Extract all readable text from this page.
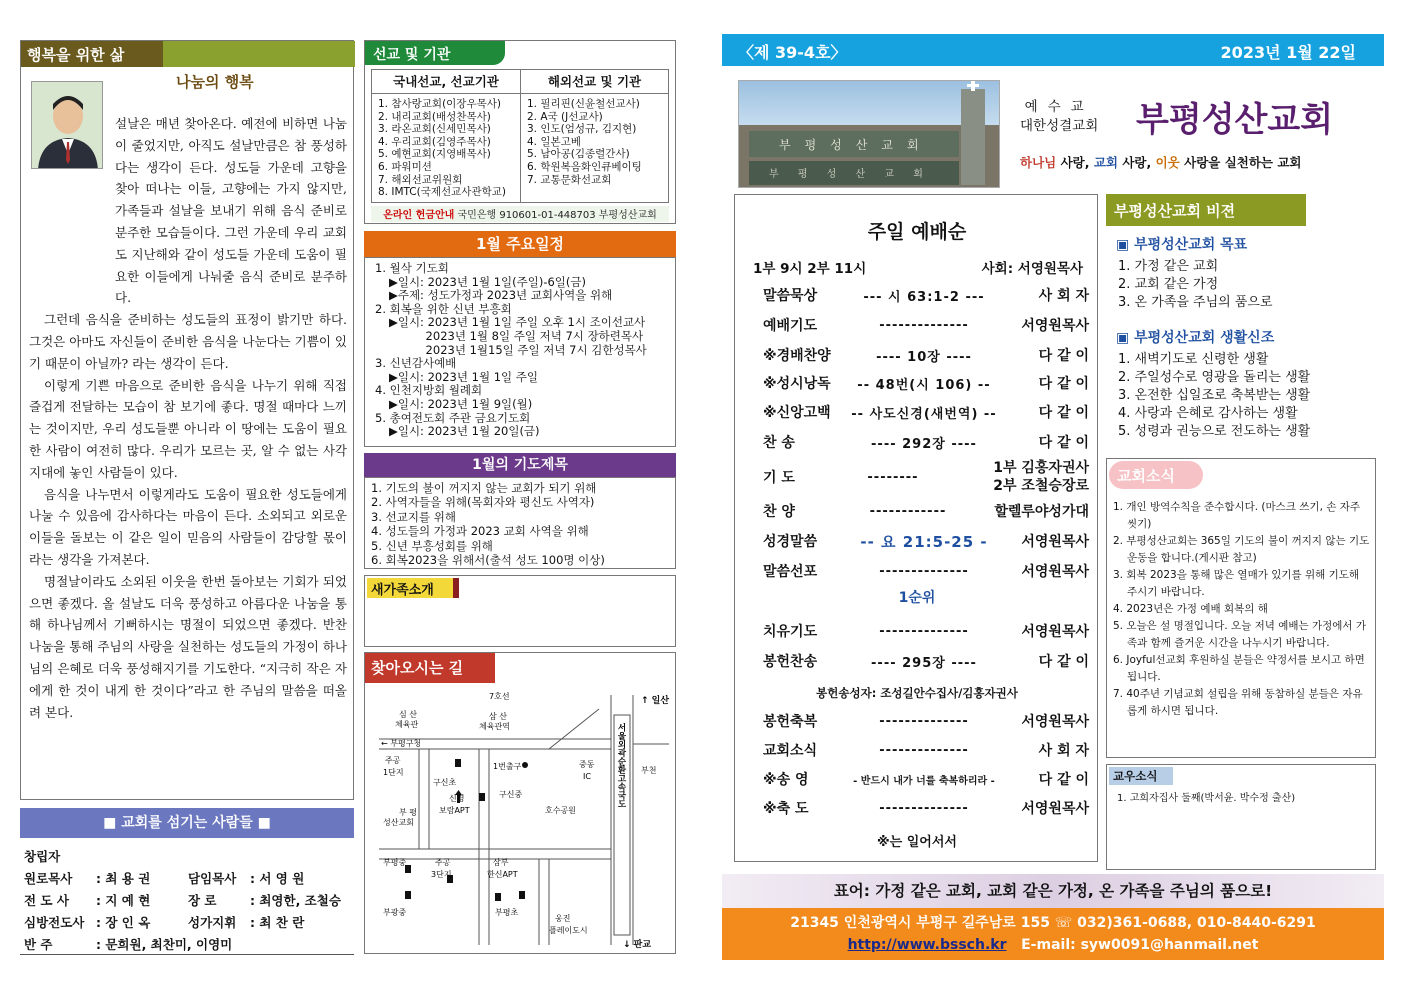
행복을 위한 삶
나눔의 행복

설날은 매년 찾아온다. 예전에 비하면 나눔이 줄었지만, 아직도 설날만큼은 참 풍성하다는 생각이 든다. 성도들 가운데 고향을 찾아 떠나는 이들, 고향에는 가지 않지만, 가족들과 설날을 보내기 위해 음식 준비로 분주한 모습들이다. 그런 가운데 우리 교회도 지난해와 같이 성도들 가운데 도움이 필요한 이들에게 나눠줄 음식 준비로 분주하다.

그런데 음식을 준비하는 성도들의 표정이 밝기만 하다. 그것은 아마도 자신들이 준비한 음식을 나눈다는 기쁨이 있기 때문이 아닐까? 라는 생각이 든다.

이렇게 기쁜 마음으로 준비한 음식을 나누기 위해 직접 즐겁게 전달하는 모습이 참 보기에 좋다. 명절 때마다 느끼는 것이지만, 우리 성도들뿐 아니라 이 땅에는 도움이 필요한 사람이 여전히 많다. 우리가 모르는 곳, 알 수 없는 사각지대에 놓인 사람들이 있다.

음식을 나누면서 이렇게라도 도움이 필요한 성도들에게 나눌 수 있음에 감사하다는 마음이 든다. 소외되고 외로운 이들을 돌보는 이 같은 일이 믿음의 사람들이 감당할 몫이라는 생각을 가져본다.

명절날이라도 소외된 이웃을 한번 돌아보는 기회가 되었으면 좋겠다. 올 설날도 더욱 풍성하고 아름다운 나눔을 통해 하나님께서 기뻐하시는 명절이 되었으면 좋겠다. 반찬 나눔을 통해 주님의 사랑을 실천하는 성도들의 가정이 하나님의 은혜로 더욱 풍성해지기를 기도한다. “지극히 작은 자에게 한 것이 내게 한 것이다”라고 한 주님의 말씀을 떠올려 본다.

■ 교회를 섬기는 사람들 ■
창립자
원로목사	: 최 용 권	담임목사	: 서 영 원
전 도 사	: 지 예 현	장 로	: 최영한, 조철승
심방전도사 : 장 인 옥	성가지휘	: 최 찬 란
반 주	: 문희원, 최찬미, 이영미
선교 및 기관
국내선교, 선교기관
1. 참사랑교회(이장우목사)
2. 내리교회(배성찬목사)
3. 라온교회(신세민목사)
4. 우리교회(김영주목사)
5. 예현교회(지영배목사)
6. 파워미션
7. 해외선교위원회
8. IMTC(국제선교사관학교)
해외선교 및 기관
1. 필리핀(신윤철선교사)
2. A국 (J선교사)
3. 인도(엄성규, 김지현)
4. 일본고베
5. 남아공(김종렬간사)
6. 학원복음화인큐베이팅
7. 교통문화선교회
온라인 헌금안내 국민은행 910601-01-448703 부평성산교회
1월 주요일정
1. 월삭 기도회
▶일시: 2023년 1월 1일(주일)-6일(금)
▶주제: 성도가정과 2023년 교회사역을 위해
2. 회복을 위한 신년 부흥회
▶일시: 2023년 1월 1일 주일 오후 1시 조이선교사
2023년 1월 8일 주일 저녁 7시 장하련목사
2023년 1월15일 주일 저녁 7시 김한성목사
3. 신년감사예배
▶일시: 2023년 1월 1일 주일
4. 인천지방회 월례회
▶일시: 2023년 1월 9일(월)
5. 총여전도회 주관 금요기도회
▶일시: 2023년 1월 20일(금)
1월의 기도제목
1. 기도의 불이 꺼지지 않는 교회가 되기 위해
2. 사역자들을 위해(목회자와 평신도 사역자)
3. 선교지를 위해
4. 성도들의 가정과 2023 교회 사역을 위해
5. 신년 부흥성회를 위해
6. 회복2023을 위해서(출석 성도 100명 이상)
새가족소개
찾아오시는 길
↑ 일산
↓ 판교
부천
← 부평구청
심 산
체육관
7호선
삼 산
체육관역
1번출구	중동
IC
주공
1단지
구신초
부 평
성산교회
신명
보람APT
구신중
호수공원
주공
3단지
삼부
한신APT
부평중
부평초
부광중
웅진
플레이도시
서울외곽순환고속국도
〈제 39-4호〉	2023년 1월 22일
부평성산교회
부 평 성 산 교 회
예수교
대한성결교회 부평성산교회
하나님 사랑, 교회 사랑, 이웃 사랑을 실천하는 교회
주일 예배순
1부 9시 2부 11시	사회: 서영원목사
말씀묵상	--- 시 63:1-2 ---	사 회 자
예배기도	--------------	서영원목사
※경배찬양	---- 10장 ----	다 같 이
※성시낭독	-- 48번(시 106) --	다 같 이
※신앙고백	-- 사도신경(새번역) --	다 같 이
찬 송	---- 292장 ----	다 같 이
기 도	--------
1부 김홍자권사
2부 조철승장로
찬 양	------------	할렐루야성가대
성경말씀	-- 요 21:5-25 -	서영원목사
말씀선포	--------------	서영원목사
1순위
치유기도	--------------	서영원목사
봉헌찬송	---- 295장 ----	다 같 이
봉헌송성자: 조성길안수집사/김홍자권사
봉헌축복	--------------	서영원목사
교회소식	--------------	사 회 자
※송 영	- 반드시 내가 너를 축복하리라 -	다 같 이
※축 도	--------------	서영원목사
※는 일어서서
부평성산교회 비젼
▣ 부평성산교회 목표
1. 가정 같은 교회
2. 교회 같은 가정
3. 온 가족을 주님의 품으로
▣ 부평성산교회 생활신조
1. 새벽기도로 신령한 생활
2. 주일성수로 영광을 돌리는 생활
3. 온전한 십일조로 축복받는 생활
4. 사랑과 은혜로 감사하는 생활
5. 성령과 권능으로 전도하는 생활
교회소식
1. 개인 방역수칙을 준수합시다. (마스크 쓰기, 손 자주 씻기)
2. 부평성산교회는 365일 기도의 불이 꺼지지 않는 기도운동을 합니다.(게시판 참고)
3. 회복 2023을 통해 많은 열매가 있기를 위해 기도해 주시기 바랍니다.
4. 2023년은 가정 예배 회복의 해
5. 오늘은 설 명절입니다. 오늘 저녁 예배는 가정에서 가족과 함께 즐거운 시간을 나누시기 바랍니다.
6. Joyful선교회 후원하실 분들은 약정서를 보시고 하면 됩니다.
7. 40주년 기념교회 설립을 위해 동참하실 분들은 자유롭게 하시면 됩니다.
교우소식
1. 고희자집사 둘째(박서윤. 박수정 출산)
표어: 가정 같은 교회, 교회 같은 가정, 온 가족을 주님의 품으로!
21345 인천광역시 부평구 길주남로 155 ☏ 032)361-0688, 010-8440-6291
http://www.bssch.kr E-mail: syw0091@hanmail.net
